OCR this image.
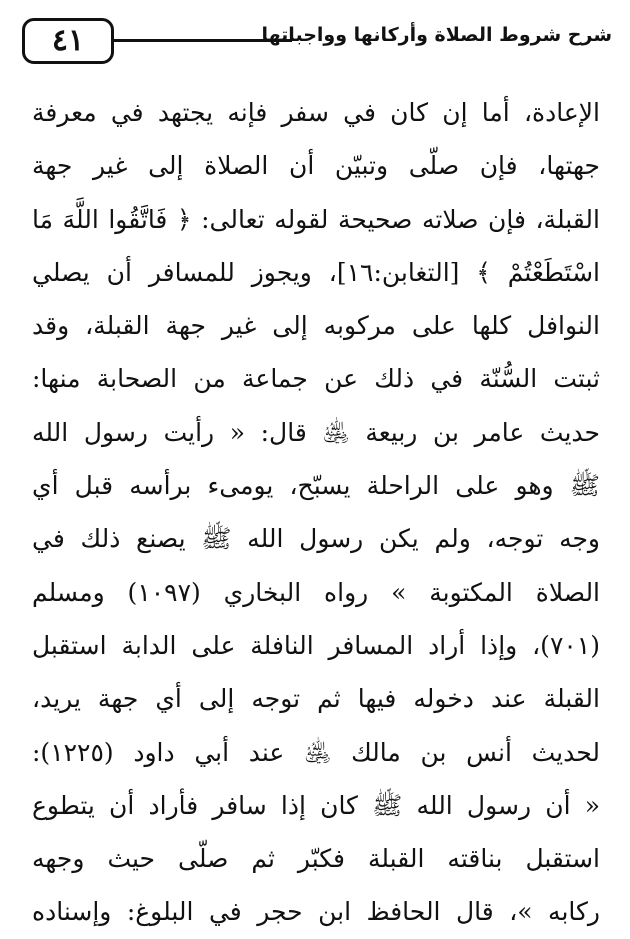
٤١	شرح شروط الصلاة وأركانها وواجباتها
الإعادة، أما إن كان في سفر فإنه يجتهد في معرفة
جهتها، فإن صلّى وتبيّن أن الصلاة إلى غير جهة
القبلة، فإن صلاته صحيحة لقوله تعالى: ﴿ فَاتَّقُوا اللَّهَ مَا
اسْتَطَعْتُمْ ﴾ [التغابن:١٦]، ويجوز للمسافر أن يصلي
النوافل كلها على مركوبه إلى غير جهة القبلة، وقد
ثبتت السُّنّة في ذلك عن جماعة من الصحابة منها:
حديث عامر بن ربيعة ﵁ قال: « رأيت رسول الله
ﷺ وهو على الراحلة يسبّح، يومىء برأسه قبل أي
وجه توجه، ولم يكن رسول الله ﷺ يصنع ذلك في
الصلاة المكتوبة » رواه البخاري (١٠٩٧) ومسلم
(٧٠١)، وإذا أراد المسافر النافلة على الدابة استقبل
القبلة عند دخوله فيها ثم توجه إلى أي جهة يريد،
لحديث أنس بن مالك ﵁ عند أبي داود (١٢٢٥):
« أن رسول الله ﷺ كان إذا سافر فأراد أن يتطوع
استقبل بناقته القبلة فكبّر ثم صلّى حيث وجهه
ركابه »، قال الحافظ ابن حجر في البلوغ: وإسناده
